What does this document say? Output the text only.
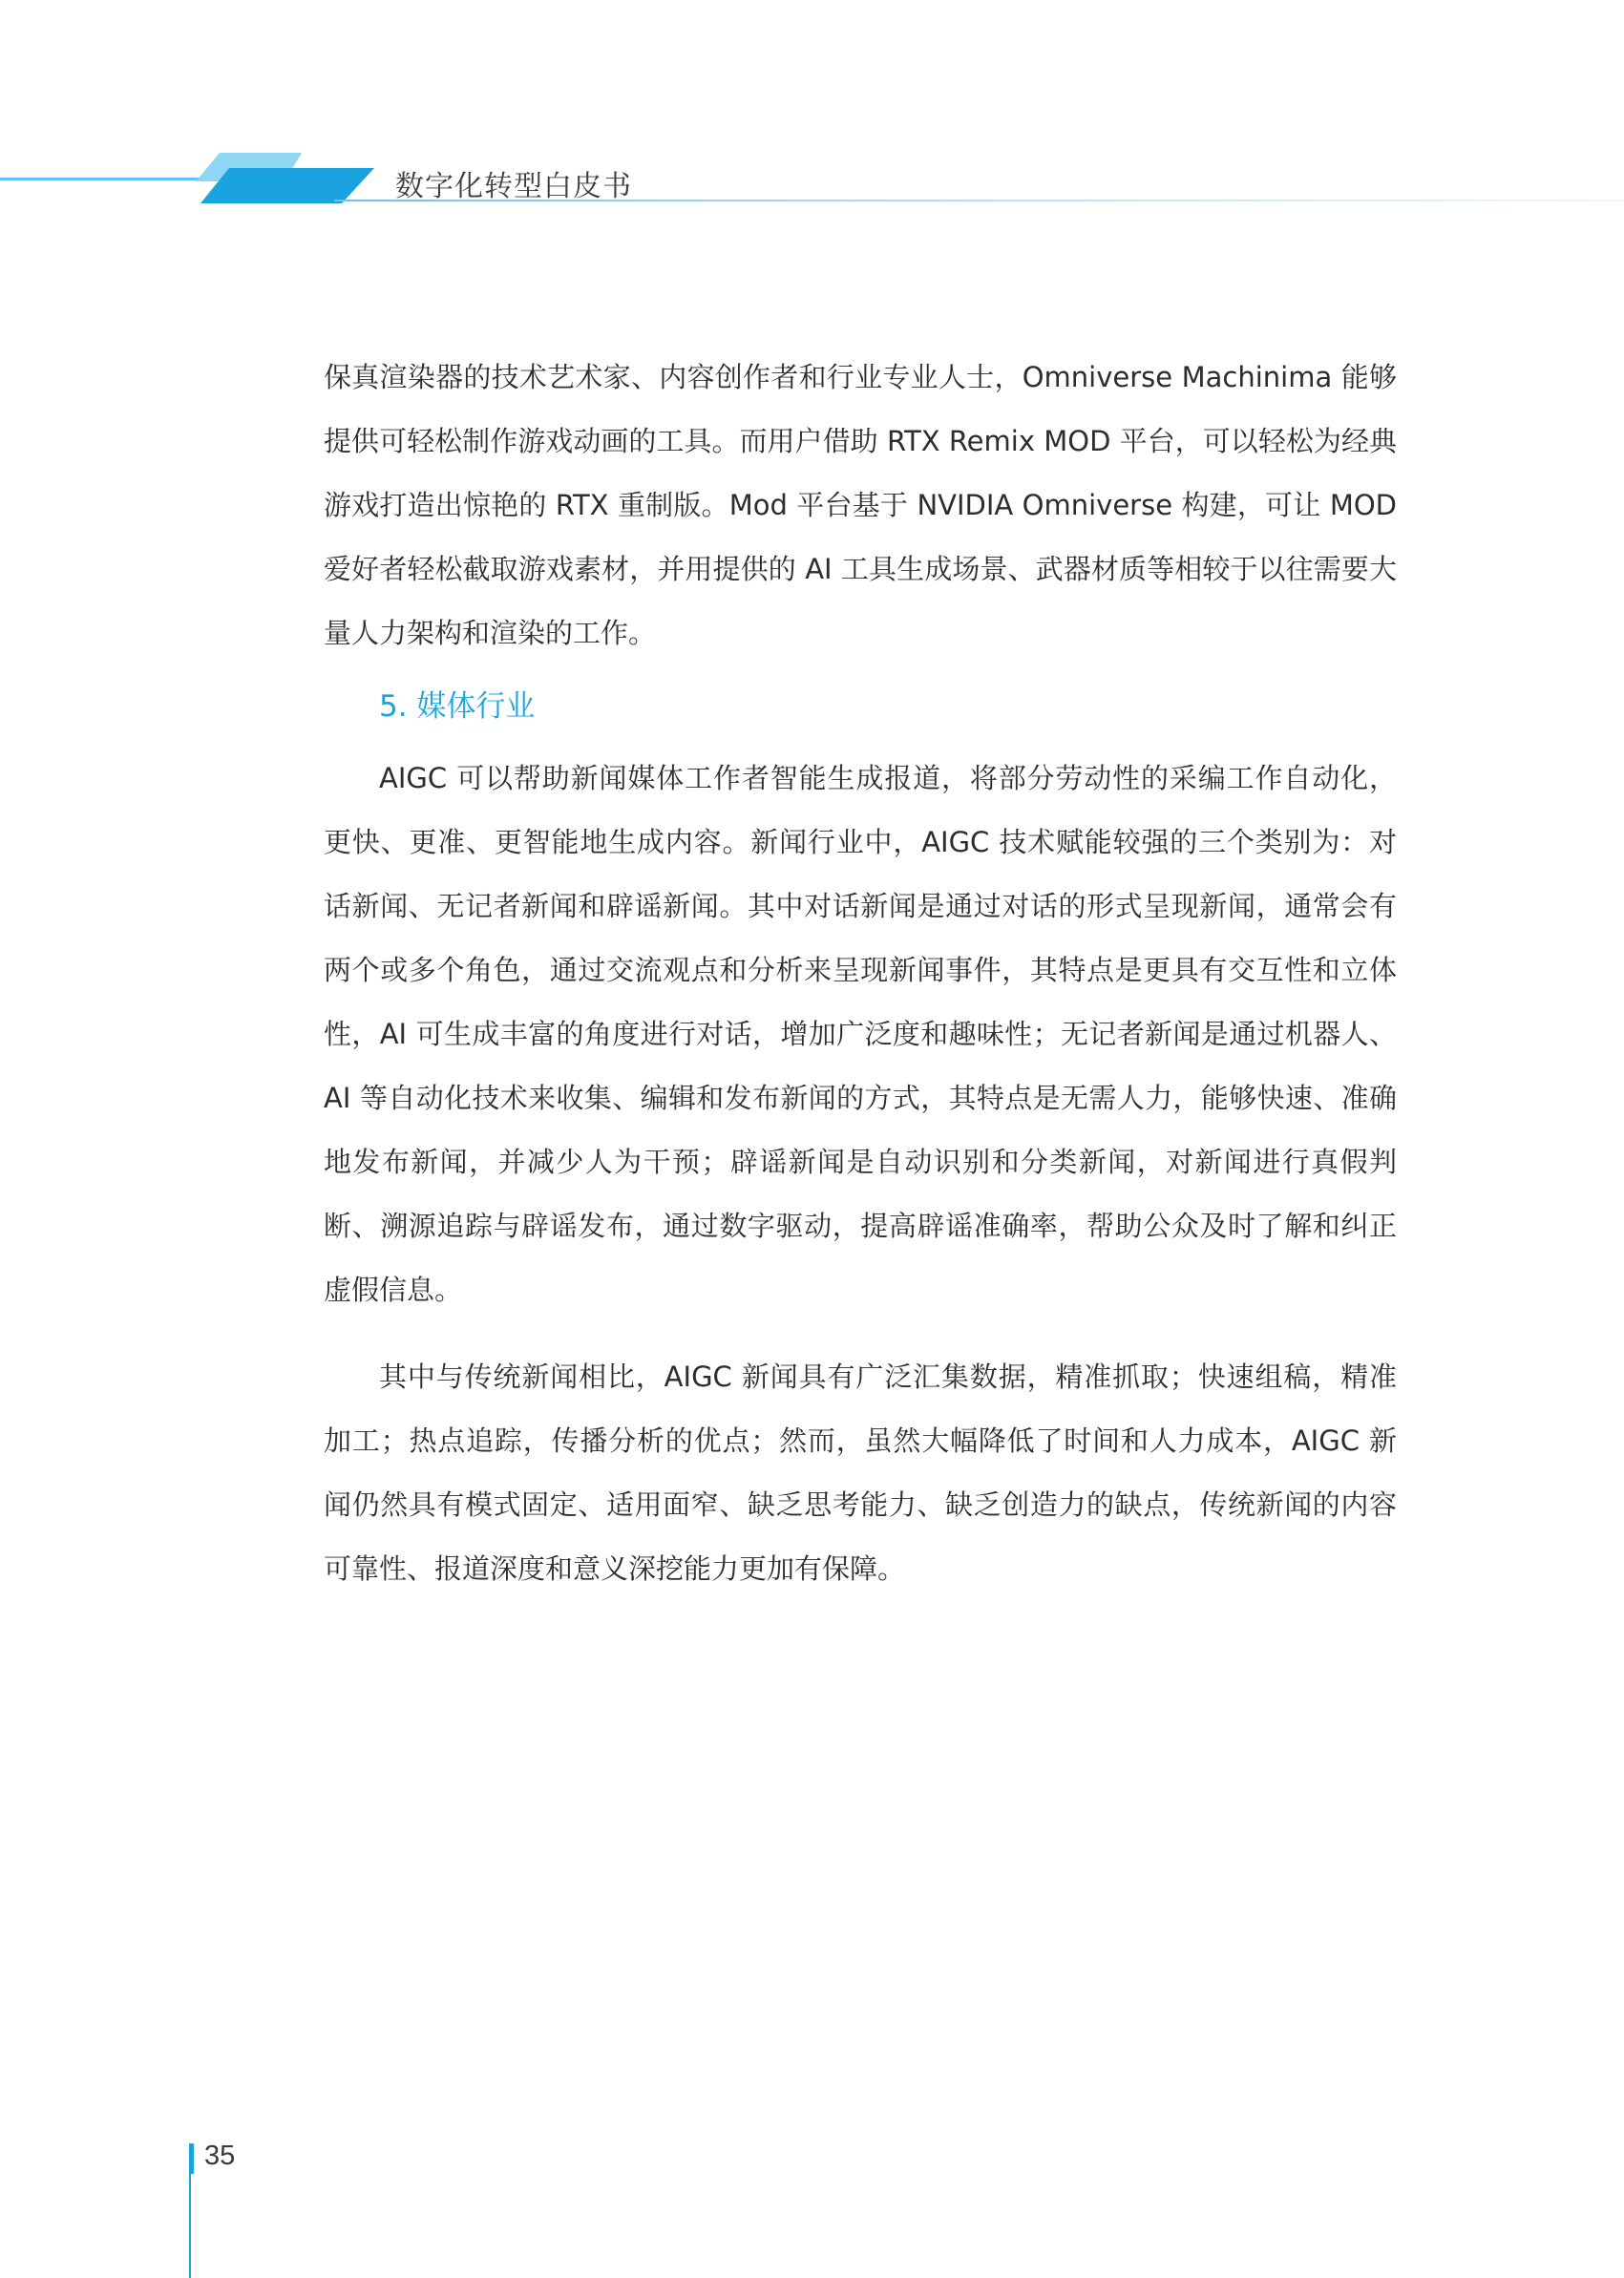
数字化转型白皮书

保真渲染器的技术艺术家、内容创作者和行业专业人士，Omniverse Machinima 能够提供可轻松制作游戏动画的工具。而用户借助 RTX Remix MOD 平台，可以轻松为经典游戏打造出惊艳的 RTX 重制版。Mod 平台基于 NVIDIA Omniverse 构建，可让 MOD 爱好者轻松截取游戏素材，并用提供的 AI 工具生成场景、武器材质等相较于以往需要大量人力架构和渲染的工作。

5. 媒体行业

AIGC 可以帮助新闻媒体工作者智能生成报道，将部分劳动性的采编工作自动化，更快、更准、更智能地生成内容。新闻行业中，AIGC 技术赋能较强的三个类别为：对话新闻、无记者新闻和辟谣新闻。其中对话新闻是通过对话的形式呈现新闻，通常会有两个或多个角色，通过交流观点和分析来呈现新闻事件，其特点是更具有交互性和立体性，AI 可生成丰富的角度进行对话，增加广泛度和趣味性；无记者新闻是通过机器人、AI 等自动化技术来收集、编辑和发布新闻的方式，其特点是无需人力，能够快速、准确地发布新闻，并减少人为干预；辟谣新闻是自动识别和分类新闻，对新闻进行真假判断、溯源追踪与辟谣发布，通过数字驱动，提高辟谣准确率，帮助公众及时了解和纠正虚假信息。

其中与传统新闻相比，AIGC 新闻具有广泛汇集数据，精准抓取；快速组稿，精准加工；热点追踪，传播分析的优点；然而，虽然大幅降低了时间和人力成本，AIGC 新闻仍然具有模式固定、适用面窄、缺乏思考能力、缺乏创造力的缺点，传统新闻的内容可靠性、报道深度和意义深挖能力更加有保障。

35
